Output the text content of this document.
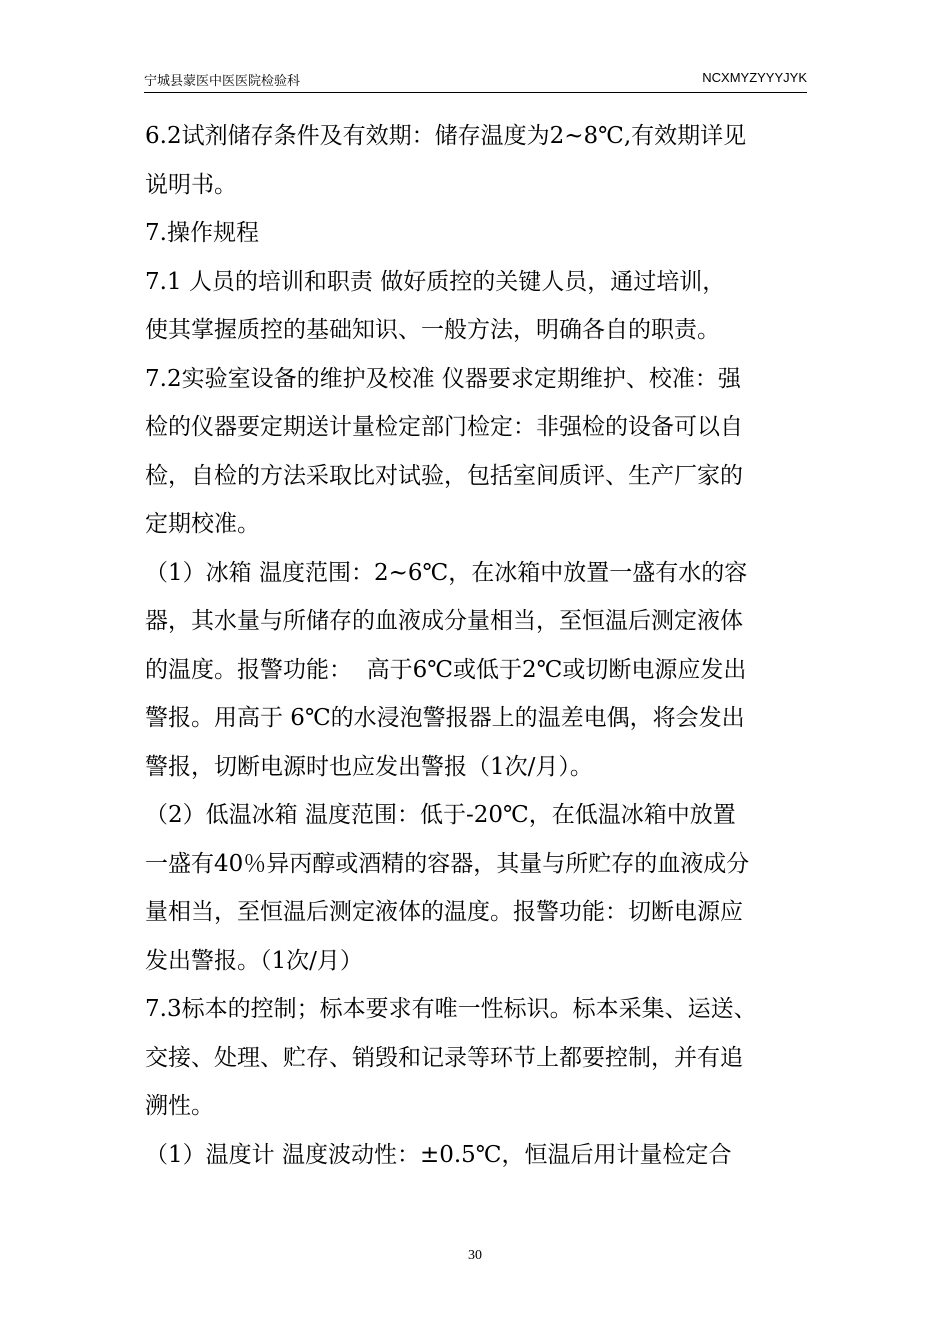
宁城县蒙医中医医院检验科	NCXMYZYYYJYK
6.2试剂储存条件及有效期：储存温度为2~8℃,有效期详见
说明书。
7.操作规程
7.1 人员的培训和职责 做好质控的关键人员，通过培训，
使其掌握质控的基础知识、一般方法，明确各自的职责。
7.2实验室设备的维护及校准 仪器要求定期维护、校准：强
检的仪器要定期送计量检定部门检定：非强检的设备可以自
检，自检的方法采取比对试验，包括室间质评、生产厂家的
定期校准。
（1）冰箱 温度范围：2~6℃，在冰箱中放置一盛有水的容
器，其水量与所储存的血液成分量相当，至恒温后测定液体
的温度。报警功能：  高于6℃或低于2℃或切断电源应发出
警报。用高于 6℃的水浸泡警报器上的温差电偶，将会发出
警报，切断电源时也应发出警报（1次/月）。
（2）低温冰箱 温度范围：低于-20℃，在低温冰箱中放置
一盛有40％异丙醇或酒精的容器，其量与所贮存的血液成分
量相当，至恒温后测定液体的温度。报警功能：切断电源应
发出警报。（1次/月）
7.3标本的控制；标本要求有唯一性标识。标本采集、运送、
交接、处理、贮存、销毁和记录等环节上都要控制，并有追
溯性。
（1）温度计 温度波动性：±0.5℃，恒温后用计量检定合
30
